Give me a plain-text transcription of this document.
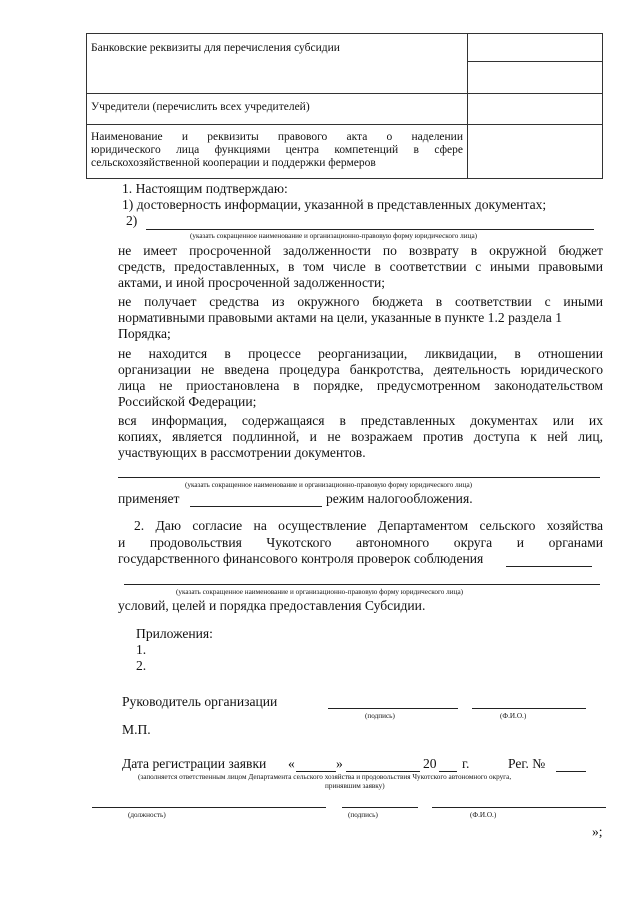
Банковские реквизиты для перечисления субсидии	

Учредители (перечислить всех учредителей)	

Наименование и реквизиты правового акта о наделении
юридического лица функциями центра компетенций в сфере
сельскохозяйственной кооперации и поддержки фермеров	

1. Настоящим подтверждаю:
1) достоверность информации, указанной в представленных документах;
2)
(указать сокращенное наименование и организационно-правовую форму юридического лица)
не имеет просроченной задолженности по возврату в окружной бюджет
средств, предоставленных, в том числе в соответствии с иными правовыми
актами, и иной просроченной задолженности;
не получает средства из окружного бюджета в соответствии с иными
нормативными правовыми актами на цели, указанные в пункте 1.2 раздела 1
Порядка;
не находится в процессе реорганизации, ликвидации, в отношении
организации не введена процедура банкротства, деятельность юридического
лица не приостановлена в порядке, предусмотренном законодательством
Российской Федерации;
вся информация, содержащаяся в представленных документах или их
копиях, является подлинной, и не возражаем против доступа к ней лиц,
участвующих в рассмотрении документов.
(указать сокращенное наименование и организационно-правовую форму юридического лица)
применяет	режим налогообложения.
2. Даю согласие на осуществление Департаментом сельского хозяйства
и продовольствия Чукотского автономного округа и органами
государственного финансового контроля проверок соблюдения
(указать сокращенное наименование и организационно-правовую форму юридического лица)
условий, целей и порядка предоставления Субсидии.
Приложения:
1.
2.
Руководитель организации
(подпись)	(Ф.И.О.)
М.П.
Дата регистрации заявки «	»	20 г.	Рег. №
(заполняется ответственным лицом Департамента сельского хозяйства и продовольствия Чукотского автономного округа,
принявшим заявку)
(должность)	(подпись)	(Ф.И.О.)
»;
